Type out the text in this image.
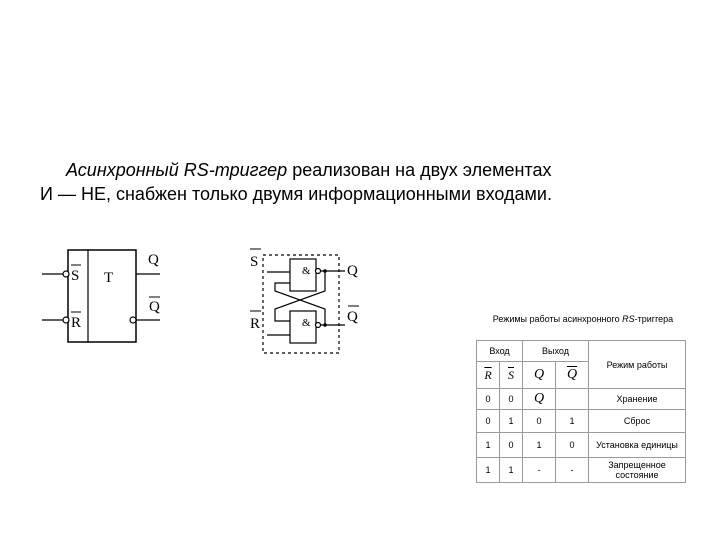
Асинхронный RS-триггер реализован на двух элементах
И — НЕ, снабжен только двумя информационными входами.
S
R
T
Q
Q
S
R
&
&
Q
Q	Режимы работы асинхронного RS-триггера
Вход		Выход		Режим работы
$\overline{R}$	$\overline{S}$	Q	$\overline{Q}$
0	0	Q		Хранение
0	1	0	1	Сброс
1	0	1	0	Установка единицы
1	1	-	-	Запрещенное состояние
